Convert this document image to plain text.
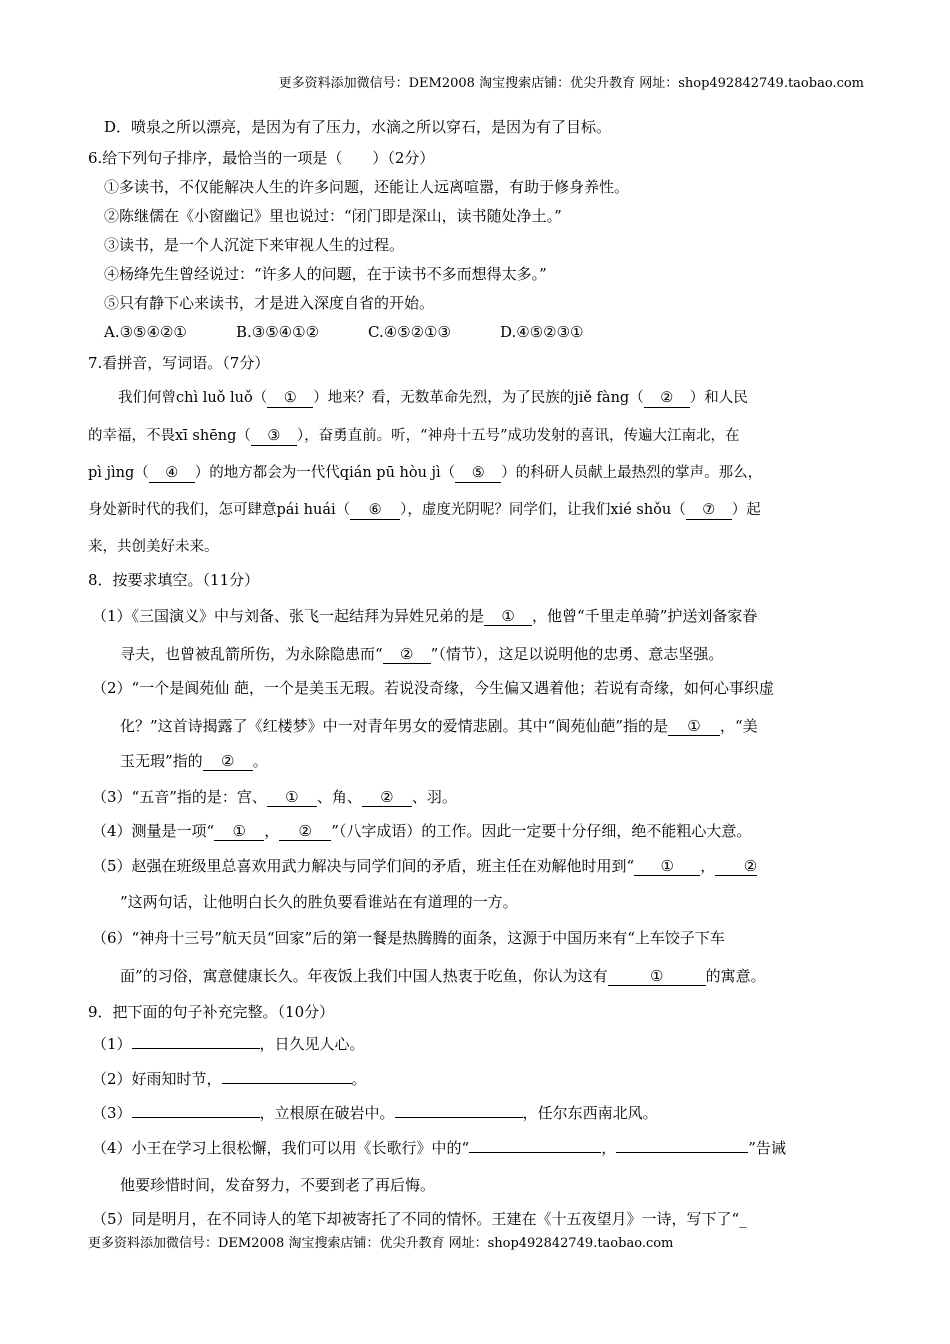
更多资料添加微信号：DEM2008 淘宝搜索店铺：优尖升教育 网址：shop492842749.taobao.com
D．喷泉之所以漂亮，是因为有了压力，水滴之所以穿石，是因为有了目标。
6.给下列句子排序，最恰当的一项是（　　）（2分）
①多读书，不仅能解决人生的许多问题，还能让人远离喧嚣，有助于修身养性。
②陈继儒在《小窗幽记》里也说过：“闭门即是深山，读书随处净土。”
③读书，是一个人沉淀下来审视人生的过程。
④杨绛先生曾经说过：“许多人的问题，在于读书不多而想得太多。”
⑤只有静下心来读书，才是进入深度自省的开始。
A.③⑤④②①	B.③⑤④①②	C.④⑤②①③	D.④⑤②③①
7.看拼音，写词语。（7分）
我们何曾chì luǒ luǒ（ ① ）地来？看，无数革命先烈，为了民族的jiě fàng（ ② ）和人民
的幸福，不畏xī shēng（ ③ ），奋勇直前。听，“神舟十五号”成功发射的喜讯，传遍大江南北，在
pì jìng（ ④ ）的地方都会为一代代qián pū hòu jì（ ⑤ ）的科研人员献上最热烈的掌声。那么，
身处新时代的我们，怎可肆意pái huái（ ⑥ ），虚度光阴呢？同学们，让我们xié shǒu（ ⑦ ）起
来，共创美好未来。
8．按要求填空。（11分）
（1）《三国演义》中与刘备、张飞一起结拜为异姓兄弟的是 ① ，他曾“千里走单骑”护送刘备家眷
寻夫，也曾被乱箭所伤，为永除隐患而“ ② ”（情节），这足以说明他的忠勇、意志坚强。
（2）“一个是阆苑仙 葩，一个是美玉无瑕。若说没奇缘，今生偏又遇着他；若说有奇缘，如何心事织虚
化？”这首诗揭露了《红楼梦》中一对青年男女的爱情悲剧。其中“阆苑仙葩”指的是 ① ，“美
玉无瑕”指的 ② 。
（3）“五音”指的是：宫、 ① 、角、 ② 、羽。
（4）测量是一项“ ① ， ② ”（八字成语）的工作。因此一定要十分仔细，绝不能粗心大意。
（5）赵强在班级里总喜欢用武力解决与同学们间的矛盾，班主任在劝解他时用到“ ① ， ②
”这两句话，让他明白长久的胜负要看谁站在有道理的一方。
（6）“神舟十三号”航天员“回家”后的第一餐是热腾腾的面条，这源于中国历来有“上车饺子下车
面”的习俗，寓意健康长久。年夜饭上我们中国人热衷于吃鱼，你认为这有	①	的寓意。
9．把下面的句子补充完整。（10分）
（1）	，日久见人心。
（2）好雨知时节，	。
（3）	，立根原在破岩中。	，任尔东西南北风。
（4）小王在学习上很松懈，我们可以用《长歌行》中的“	，	”告诫
他要珍惜时间，发奋努力，不要到老了再后悔。
（5）同是明月，在不同诗人的笔下却被寄托了不同的情怀。王建在《十五夜望月》一诗，写下了“_
更多资料添加微信号：DEM2008 淘宝搜索店铺：优尖升教育 网址：shop492842749.taobao.com
